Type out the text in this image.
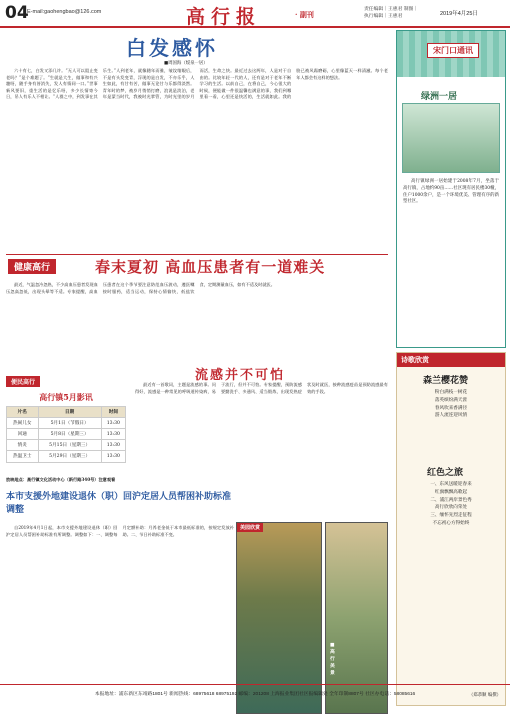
04
E-mail:gaohengbao@126.com	高行报	· 副刊
责任编辑｜王惠君 制图｜
执行编辑｜王惠君	2019年4月25日
白发感怀
■周国海（绥泉一居）
六十有七，白发又添几许。“无人可以阻止变老吗？”是个难题了。“生就是大生，做事和有兴趣呀，随手身有皆消失，发人有情同一口。”世事新风要旧，重生活的是忆乐呀，多少长情寄今日，吊人有乐人不相让。“人群之中，到发事在其乐生。”人到老年，就像随年而雅，皱纹缩眼后，不是有头发变青，浮现的是白发，不亦乐乎，人生如此，有甘有苦，做事无论甘与乐都得淡然。青年时的梦，被岁月悄悄打磨，浪说是淡泊，老年是蒙当时代，我被时光掌管，为时光里的岁月而活，生命之快。最近过去这两年，人是对于自由的。比较年轻一代的人，还有是对于老年不断学习的生活。以前自己，在将自己，今心很大的时候，便能做一件很温馨也满意的事，我们到哪里看一看，心里还是快活的，生活就如此。我的脸已被风霜磨砺，心里像蓝天一样清澈。每个老年人都会有这样的想法。
宋门口通讯
绿洲一居
高行镇绿洲一居始建于2008年7月，坐落于高行镇，占地约90亩……社区现有居民楼30幢，住户1000余户，是一个环境优美、管理有序的新型社区。
健康高行	春末夏初 高血压患者有一道难关
最近，气温忽冷忽热，不少高血压患者发现血压忽高忽低，出现头晕等不适。专家提醒，高血压患者在这个季节要注意防范血压波动，遵医嘱按时服药，适当运动，保持心情愉快，低盐饮食，定期测量血压，如有不适及时就医。
便民高行
高行镇5月影讯
片名	日期	时间
热闹儿女	5月1日（节假日）	13:30
回通	5月8日（星期三）	13:30
情炎	5月15日（星期三）	13:30
热温卫士	5月29日（星期三）	13:30
放映地点：高行镇文化活动中心（新行路340号）注意观看
本市支援外地建设退休（职）回沪定居人员帮困补助标准调整
自2019年4月1日起，本市支援外地建设退休（职）回沪定居人员帮困补助标准有所调整。调整如下：一、调整每月定额补助：月养老金低于本市最低标准的，按规定发放补助。二、节日补助标准不变。
流感并不可怕
最近有一首歌词，主题是流感的事。问得好，流感是一种常见的呼吸道传染病，易于流行，但并不可怕。专家提醒，预防流感要勤洗手、多通风、适当锻炼，出现发热症状及时就医，接种流感疫苗是预防流感最有效的手段。
美园欣赏
■ 高行美景
诗歌欣赏
森兰樱花赞
粉白满枝一树花
落英缤纷满天涯
春风吹来香满径
游人流连迎风情
红色之旅
一、东风送暖迎春来
红旗飘飘高歌起
二、浦江两岸景色秀
高行欣欣向荣处
三、缅怀先烈走征程
不忘初心方得始终
（郑恭顺 编撰）
本报地址：浦东新区东靖路1801号 新闻热线：68975618 68975192 邮编：201208 上海报业集团社区报编辑处 全年印制8807号 社区办电话：58085616
